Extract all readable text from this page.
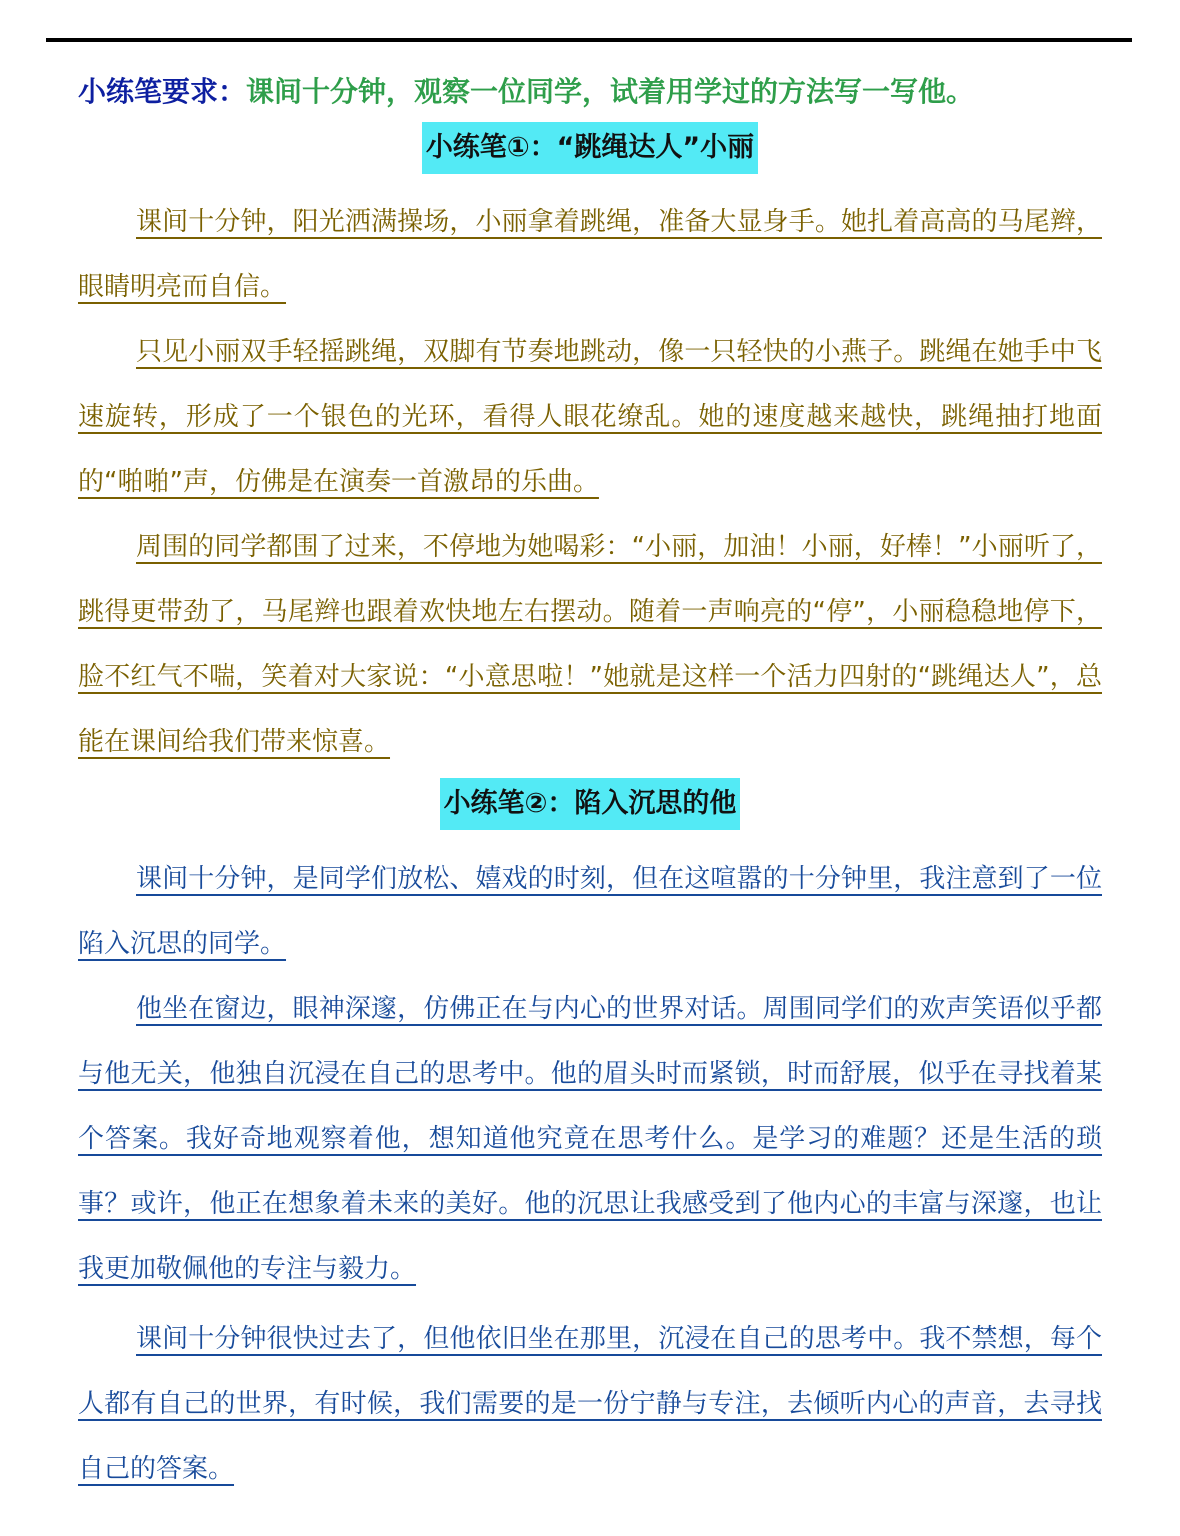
小练笔要求：课间十分钟，观察一位同学，试着用学过的方法写一写他。
小练笔①：“跳绳达人”小丽

课间十分钟，阳光洒满操场，小丽拿着跳绳，准备大显身手。她扎着高高的马尾辫，眼睛明亮而自信。

只见小丽双手轻摇跳绳，双脚有节奏地跳动，像一只轻快的小燕子。跳绳在她手中飞速旋转，形成了一个银色的光环，看得人眼花缭乱。她的速度越来越快，跳绳抽打地面的“啪啪”声，仿佛是在演奏一首激昂的乐曲。

周围的同学都围了过来，不停地为她喝彩：“小丽，加油！小丽，好棒！”小丽听了，跳得更带劲了，马尾辫也跟着欢快地左右摆动。随着一声响亮的“停”，小丽稳稳地停下，脸不红气不喘，笑着对大家说：“小意思啦！”她就是这样一个活力四射的“跳绳达人”，总能在课间给我们带来惊喜。

小练笔②：陷入沉思的他

课间十分钟，是同学们放松、嬉戏的时刻，但在这喧嚣的十分钟里，我注意到了一位陷入沉思的同学。

他坐在窗边，眼神深邃，仿佛正在与内心的世界对话。周围同学们的欢声笑语似乎都与他无关，他独自沉浸在自己的思考中。他的眉头时而紧锁，时而舒展，似乎在寻找着某个答案。我好奇地观察着他，想知道他究竟在思考什么。是学习的难题？还是生活的琐事？或许，他正在想象着未来的美好。他的沉思让我感受到了他内心的丰富与深邃，也让我更加敬佩他的专注与毅力。

课间十分钟很快过去了，但他依旧坐在那里，沉浸在自己的思考中。我不禁想，每个人都有自己的世界，有时候，我们需要的是一份宁静与专注，去倾听内心的声音，去寻找自己的答案。
